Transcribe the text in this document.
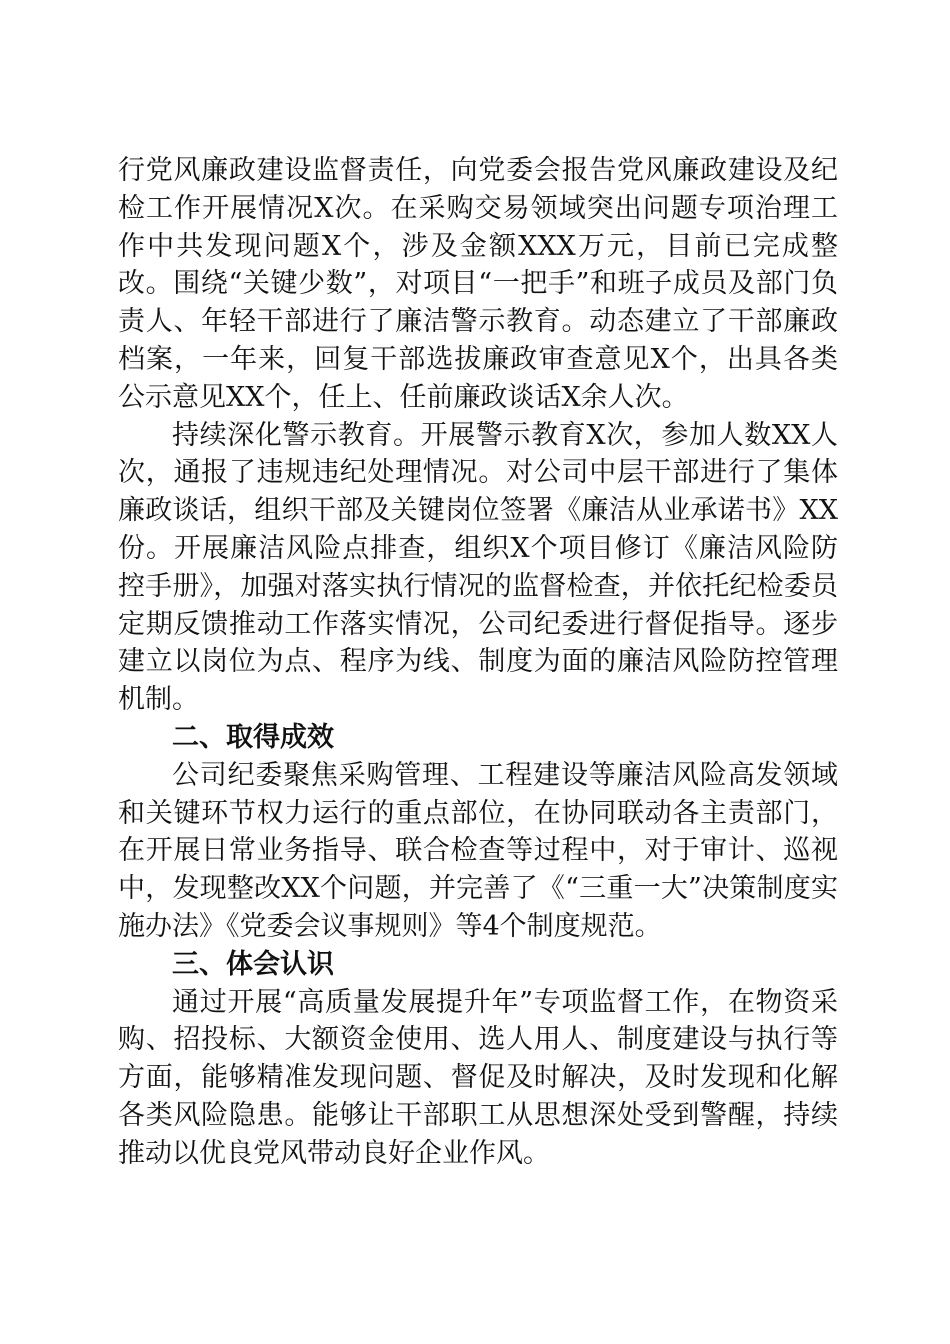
行党风廉政建设监督责任，向党委会报告党风廉政建设及纪检工作开展情况X次。在采购交易领域突出问题专项治理工作中共发现问题X个，涉及金额XXX万元，目前已完成整改。围绕“关键少数”，对项目“一把手”和班子成员及部门负责人、年轻干部进行了廉洁警示教育。动态建立了干部廉政档案，一年来，回复干部选拔廉政审查意见X个，出具各类公示意见XX个，任上、任前廉政谈话X余人次。

持续深化警示教育。开展警示教育X次，参加人数XX人次，通报了违规违纪处理情况。对公司中层干部进行了集体廉政谈话，组织干部及关键岗位签署《廉洁从业承诺书》XX份。开展廉洁风险点排查，组织X个项目修订《廉洁风险防控手册》，加强对落实执行情况的监督检查，并依托纪检委员定期反馈推动工作落实情况，公司纪委进行督促指导。逐步建立以岗位为点、程序为线、制度为面的廉洁风险防控管理机制。

二、取得成效

公司纪委聚焦采购管理、工程建设等廉洁风险高发领域和关键环节权力运行的重点部位，在协同联动各主责部门，在开展日常业务指导、联合检查等过程中，对于审计、巡视中，发现整改XX个问题，并完善了《“三重一大”决策制度实施办法》《党委会议事规则》等4个制度规范。

三、体会认识

通过开展“高质量发展提升年”专项监督工作，在物资采购、招投标、大额资金使用、选人用人、制度建设与执行等方面，能够精准发现问题、督促及时解决，及时发现和化解各类风险隐患。能够让干部职工从思想深处受到警醒，持续推动以优良党风带动良好企业作风。
